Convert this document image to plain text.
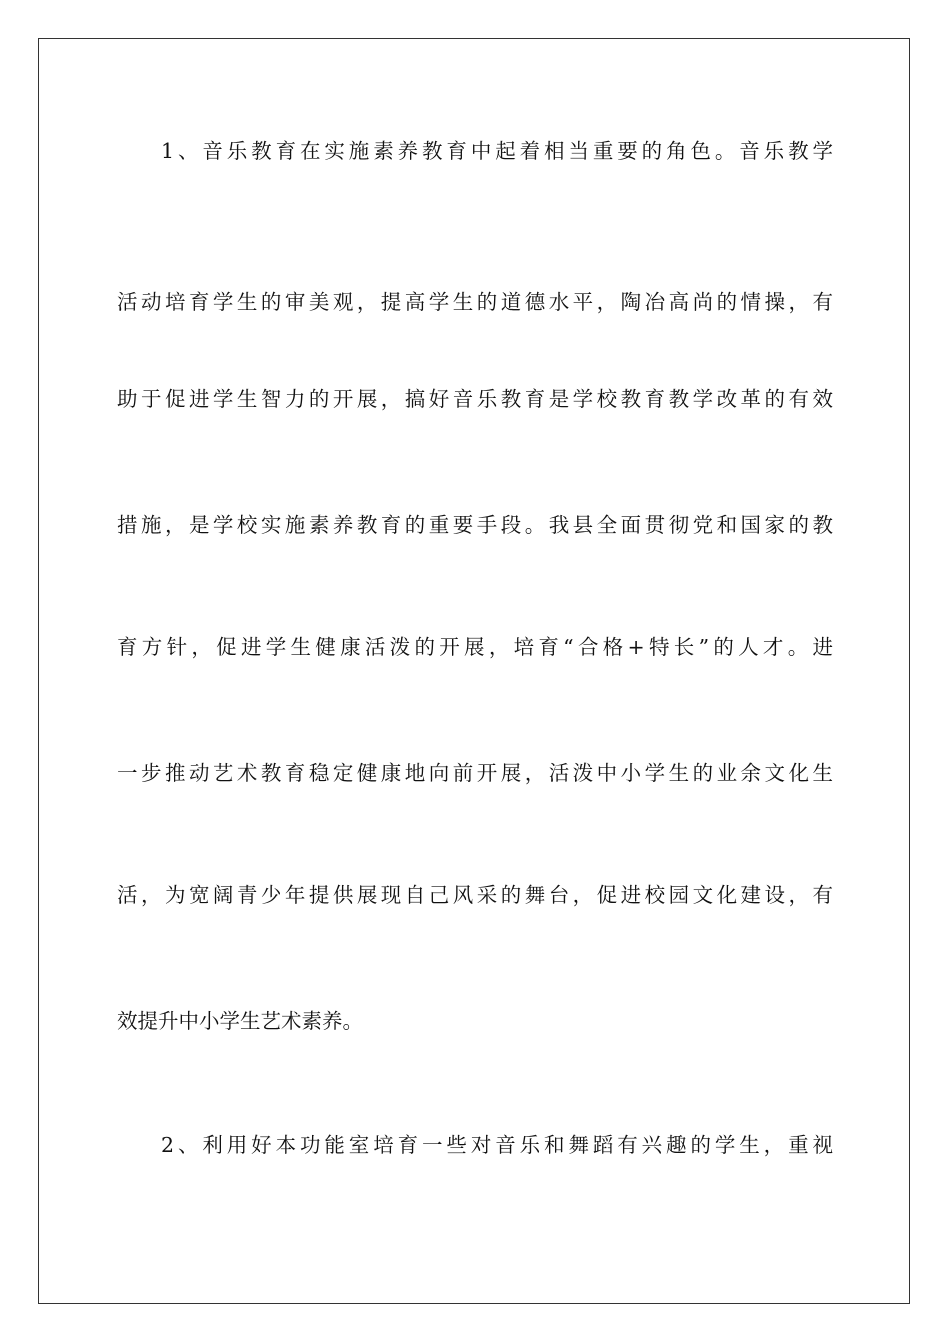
1、音乐教育在实施素养教育中起着相当重要的角色。音乐教学
活动培育学生的审美观，提高学生的道德水平，陶冶高尚的情操，有
助于促进学生智力的开展，搞好音乐教育是学校教育教学改革的有效
措施，是学校实施素养教育的重要手段。我县全面贯彻党和国家的教
育方针，促进学生健康活泼的开展，培育“合格+特长”的人才。进
一步推动艺术教育稳定健康地向前开展，活泼中小学生的业余文化生
活，为宽阔青少年提供展现自己风采的舞台，促进校园文化建设，有
效提升中小学生艺术素养。
2、利用好本功能室培育一些对音乐和舞蹈有兴趣的学生，重视
